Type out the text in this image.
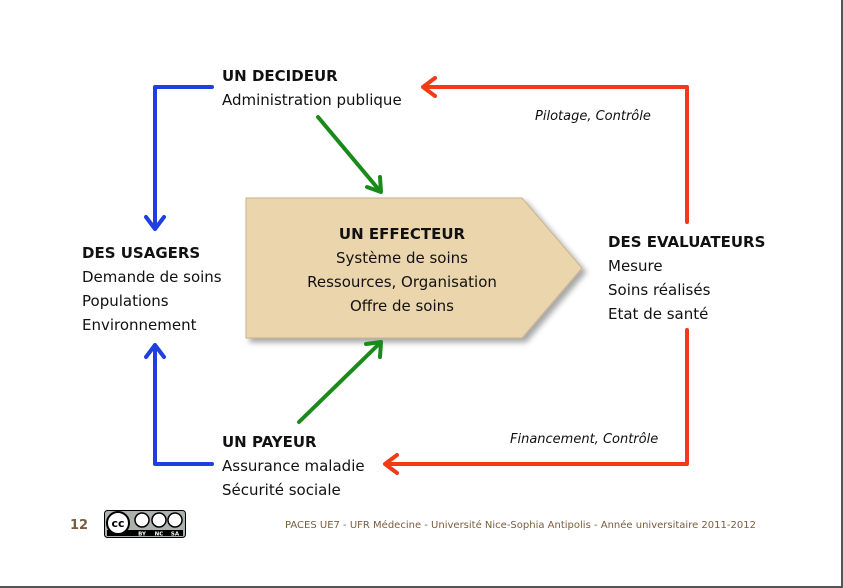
UN DECIDEUR
Administration publique
DES USAGERS
Demande de soins
Populations
Environnement
UN EFFECTEUR
Système de soins
Ressources, Organisation
Offre de soins
DES EVALUATEURS
Mesure
Soins réalisés
Etat de santé
UN PAYEUR
Assurance maladie
Sécurité sociale
Pilotage, Contrôle
Financement, Contrôle
12 cc
BY NC SA
PACES UE7 - UFR Médecine - Université Nice-Sophia Antipolis - Année universitaire 2011-2012
